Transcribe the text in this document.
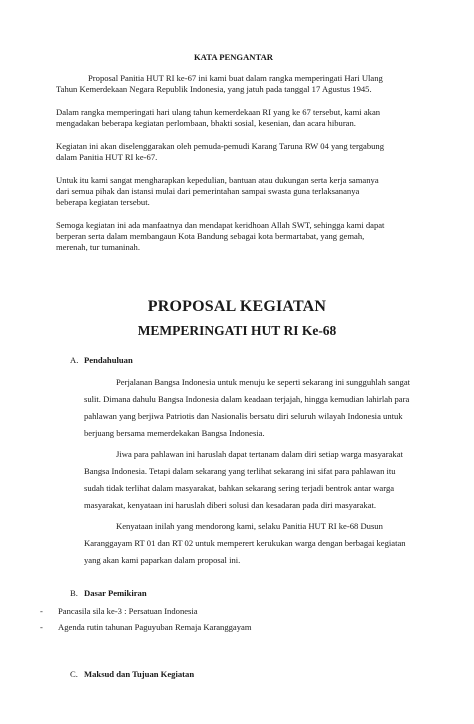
KATA PENGANTAR
Proposal Panitia HUT RI ke-67 ini kami buat dalam rangka memperingati Hari Ulang
Tahun Kemerdekaan Negara Republik Indonesia, yang jatuh pada tanggal 17 Agustus 1945.
Dalam rangka memperingati hari ulang tahun kemerdekaan RI yang ke 67 tersebut, kami akan
mengadakan beberapa kegiatan perlombaan, bhakti sosial, kesenian, dan acara hiburan.
Kegiatan ini akan diselenggarakan oleh pemuda-pemudi Karang Taruna RW 04 yang tergabung
dalam Panitia HUT RI ke-67.
Untuk itu kami sangat mengharapkan kepedulian, bantuan atau dukungan serta kerja samanya
dari semua pihak dan istansi mulai dari pemerintahan sampai swasta guna terlaksananya
beberapa kegiatan tersebut.
Semoga kegiatan ini ada manfaatnya dan mendapat keridhoan Allah SWT, sehingga kami dapat
berperan serta dalam membangaun Kota Bandung sebagai kota bermartabat, yang gemah,
merenah, tur tumaninah.
PROPOSAL KEGIATAN
MEMPERINGATI HUT RI Ke-68
A. Pendahuluan
Perjalanan Bangsa Indonesia untuk menuju ke seperti sekarang ini sungguhlah sangat
sulit. Dimana dahulu Bangsa Indonesia dalam keadaan terjajah, hingga kemudian lahirlah para
pahlawan yang berjiwa Patriotis dan Nasionalis bersatu diri seluruh wilayah Indonesia untuk
berjuang bersama memerdekakan Bangsa Indonesia.
Jiwa para pahlawan ini haruslah dapat tertanam dalam diri setiap warga masyarakat
Bangsa Indonesia. Tetapi dalam sekarang yang terlihat sekarang ini sifat para pahlawan itu
sudah tidak terlihat dalam masyarakat, bahkan sekarang sering terjadi bentrok antar warga
masyarakat, kenyataan ini haruslah diberi solusi dan kesadaran pada diri masyarakat.
Kenyataan inilah yang mendorong kami, selaku Panitia HUT RI ke-68 Dusun
Karanggayam RT 01 dan RT 02 untuk memperert kerukukan warga dengan berbagai kegiatan
yang akan kami paparkan dalam proposal ini.
B. Dasar Pemikiran
- Pancasila sila ke-3 : Persatuan Indonesia
- Agenda rutin tahunan Paguyuban Remaja Karanggayam
C. Maksud dan Tujuan Kegiatan
